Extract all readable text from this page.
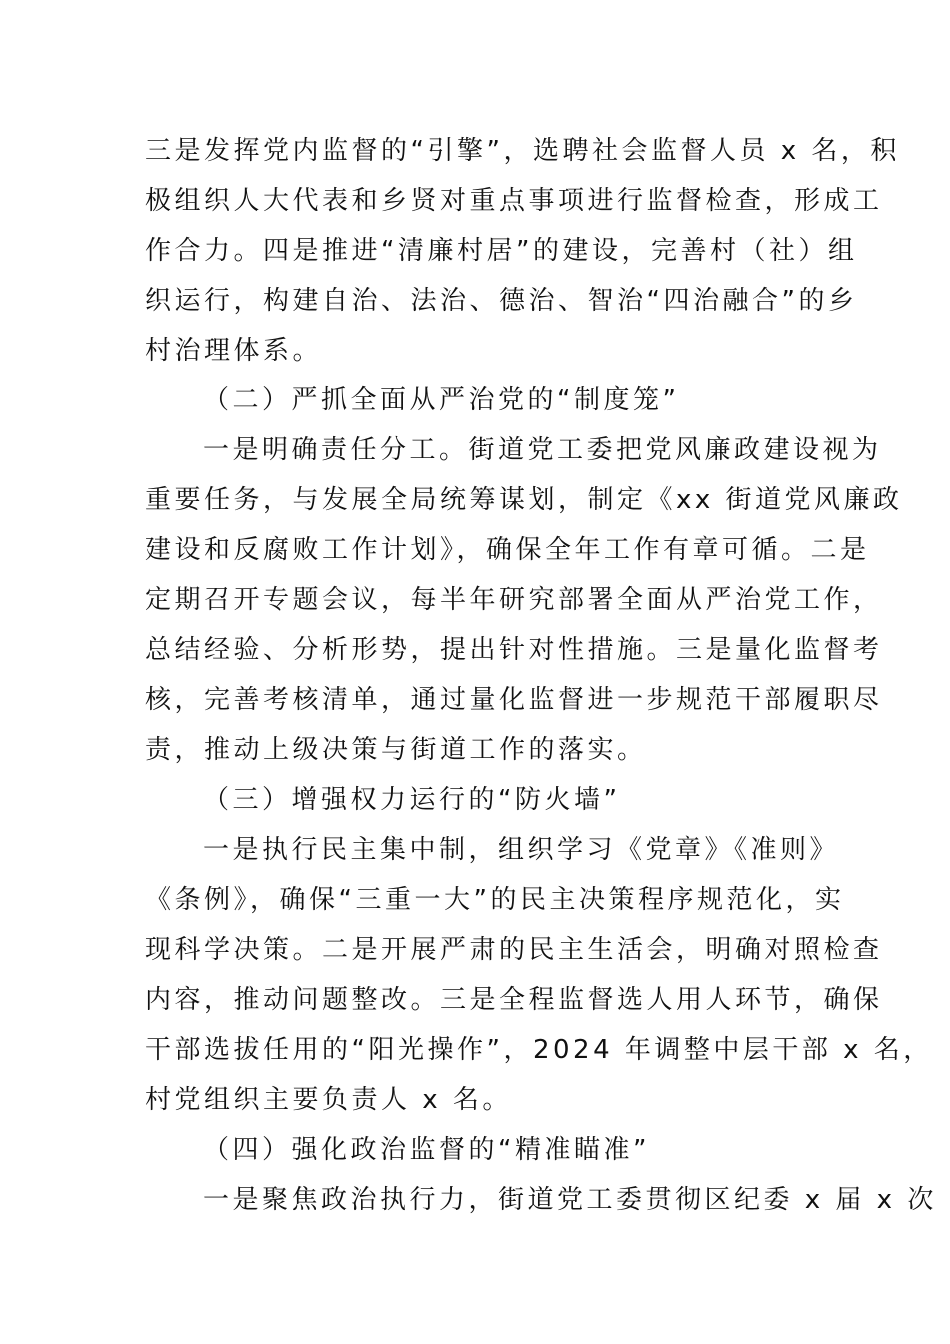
三是发挥党内监督的“引擎”，选聘社会监督人员 x 名，积
极组织人大代表和乡贤对重点事项进行监督检查，形成工
作合力。四是推进“清廉村居”的建设，完善村（社）组
织运行，构建自治、法治、德治、智治“四治融合”的乡
村治理体系。
（二）严抓全面从严治党的“制度笼”
一是明确责任分工。街道党工委把党风廉政建设视为
重要任务，与发展全局统筹谋划，制定《xx 街道党风廉政
建设和反腐败工作计划》，确保全年工作有章可循。二是
定期召开专题会议，每半年研究部署全面从严治党工作，
总结经验、分析形势，提出针对性措施。三是量化监督考
核，完善考核清单，通过量化监督进一步规范干部履职尽
责，推动上级决策与街道工作的落实。
（三）增强权力运行的“防火墙”
一是执行民主集中制，组织学习《党章》《准则》
《条例》，确保“三重一大”的民主决策程序规范化，实
现科学决策。二是开展严肃的民主生活会，明确对照检查
内容，推动问题整改。三是全程监督选人用人环节，确保
干部选拔任用的“阳光操作”，2024 年调整中层干部 x 名，
村党组织主要负责人 x 名。
（四）强化政治监督的“精准瞄准”
一是聚焦政治执行力，街道党工委贯彻区纪委 x 届 x 次
